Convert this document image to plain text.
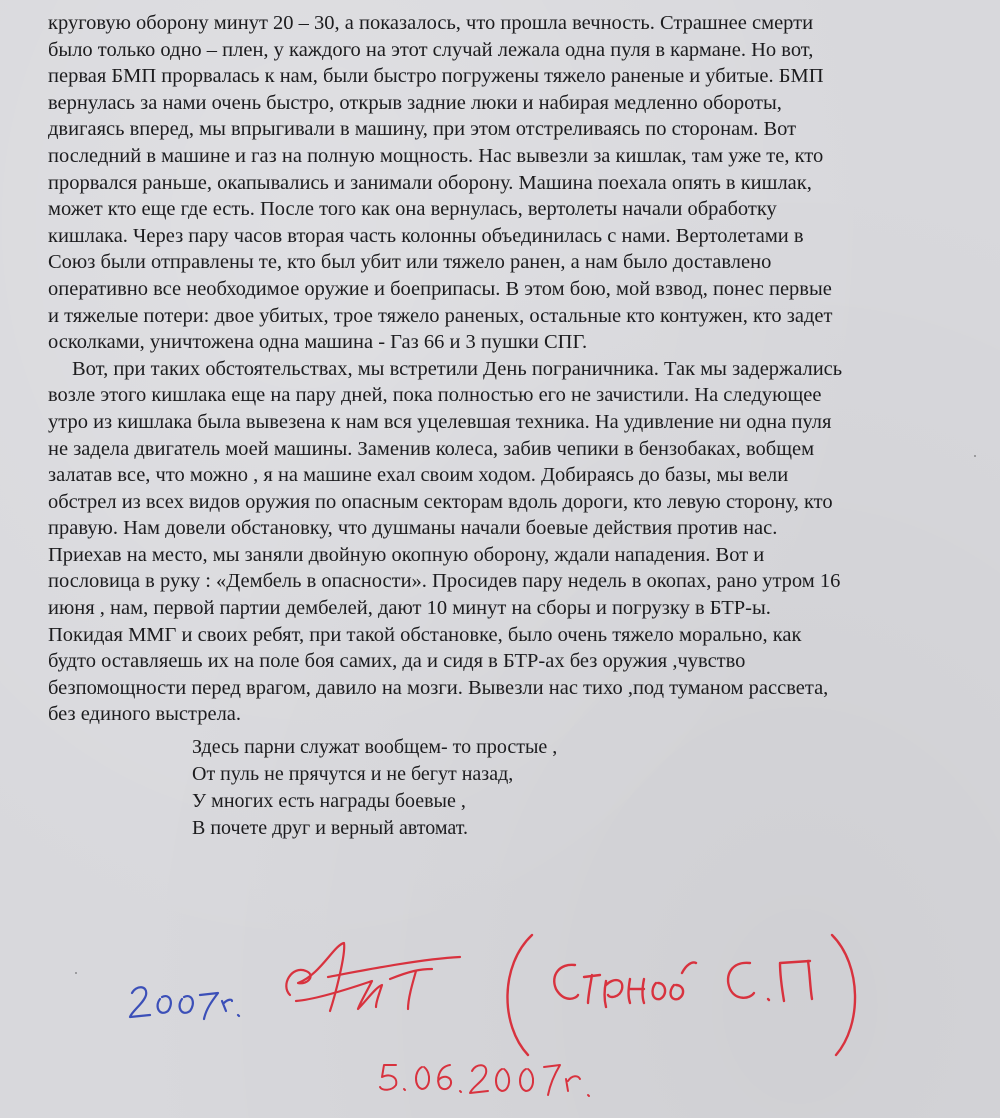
круговую оборону минут 20 – 30, а показалось, что прошла вечность. Страшнее смерти
было только одно – плен, у каждого на этот случай лежала одна пуля в кармане. Но вот,
первая БМП прорвалась к нам, были быстро погружены тяжело раненые и убитые. БМП
вернулась за нами очень быстро, открыв задние люки и набирая медленно обороты,
двигаясь вперед, мы впрыгивали в машину, при этом отстреливаясь по сторонам. Вот
последний в машине и газ на полную мощность. Нас вывезли за кишлак, там уже те, кто
прорвался раньше, окапывались и занимали оборону. Машина поехала опять в кишлак,
может кто еще где есть. После того как она вернулась, вертолеты начали обработку
кишлака. Через пару часов вторая часть колонны объединилась с нами. Вертолетами в
Союз были отправлены те, кто был убит или тяжело ранен, а нам было доставлено
оперативно все необходимое оружие и боеприпасы. В этом бою, мой взвод, понес первые
и тяжелые потери: двое убитых, трое тяжело раненых, остальные кто контужен, кто задет
осколками, уничтожена одна машина - Газ 66 и 3 пушки СПГ.
Вот, при таких обстоятельствах, мы встретили День пограничника. Так мы задержались
возле этого кишлака еще на пару дней, пока полностью его не зачистили. На следующее
утро из кишлака была вывезена к нам вся уцелевшая техника. На удивление ни одна пуля
не задела двигатель моей машины. Заменив колеса, забив чепики в бензобаках, вобщем
залатав все, что можно , я на машине ехал своим ходом. Добираясь до базы, мы вели
обстрел из всех видов оружия по опасным секторам вдоль дороги, кто левую сторону, кто
правую. Нам довели обстановку, что душманы начали боевые действия против нас.
Приехав на место, мы заняли двойную окопную оборону, ждали нападения. Вот и
пословица в руку : «Дембель в опасности». Просидев пару недель в окопах, рано утром 16
июня , нам, первой партии дембелей, дают 10 минут на сборы и погрузку в БТР-ы.
Покидая ММГ и своих ребят, при такой обстановке, было очень тяжело морально, как
будто оставляешь их на поле боя самих, да и сидя в БТР-ах без оружия ,чувство
безпомощности перед врагом, давило на мозги. Вывезли нас тихо ,под туманом рассвета,
без единого выстрела.
Здесь парни служат вообщем- то простые ,
От пуль не прячутся и не бегут назад,
У многих есть награды боевые ,
В почете друг и верный автомат.
